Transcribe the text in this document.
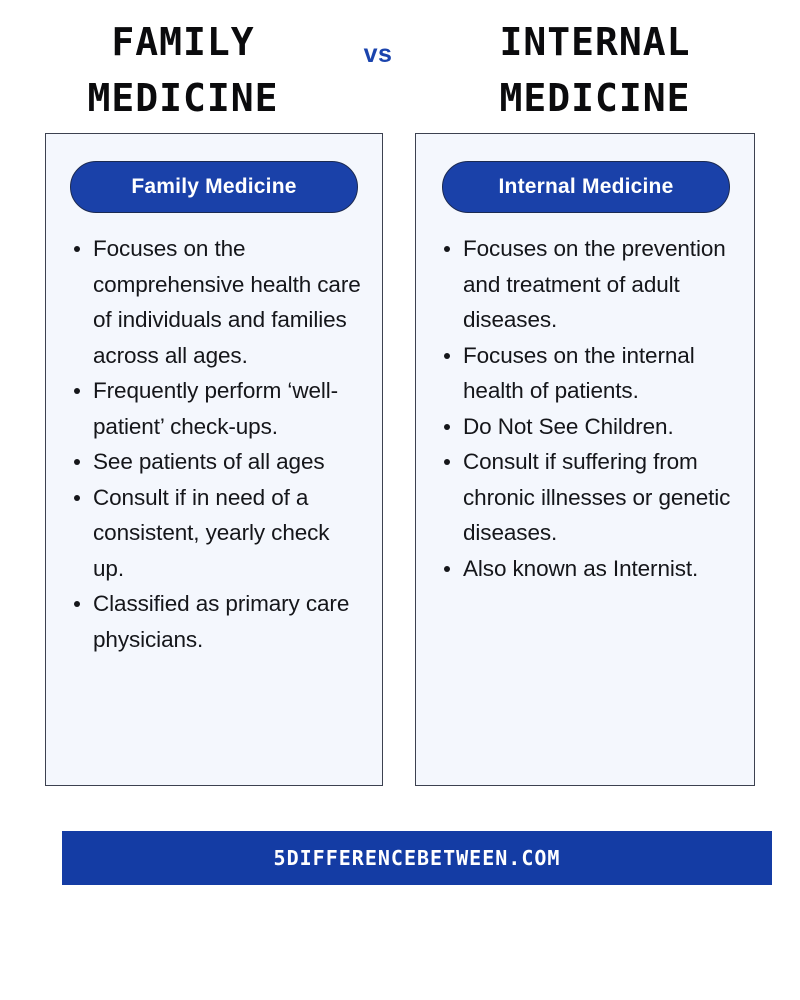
FAMILY MEDICINE
vs	INTERNAL MEDICINE
Family Medicine
Focuses on the comprehensive health care of individuals and families across all ages.
Frequently perform ‘well-patient’ check-ups.
See patients of all ages
Consult if in need of a consistent, yearly check up.
Classified as primary care physicians.
Internal Medicine
Focuses on the prevention and treatment of adult diseases.
Focuses on the internal health of patients.
Do Not See Children.
Consult if suffering from chronic illnesses or genetic diseases.
Also known as Internist.
5DIFFERENCEBETWEEN.COM
